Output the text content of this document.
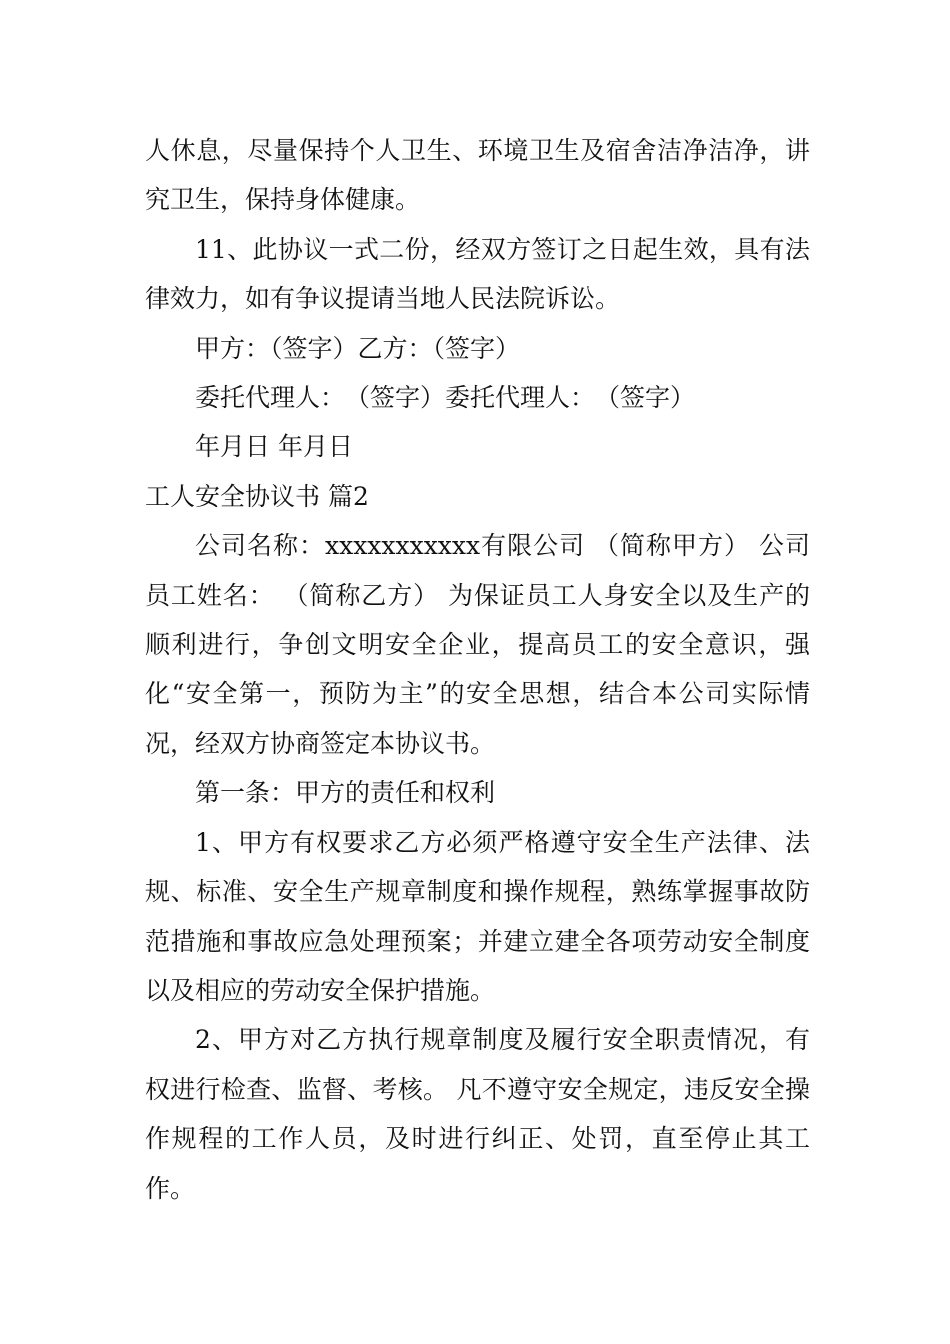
人休息，尽量保持个人卫生、环境卫生及宿舍洁净洁净，讲究卫生，保持身体健康。

11、此协议一式二份，经双方签订之日起生效，具有法律效力，如有争议提请当地人民法院诉讼。

甲方：（签字）乙方：（签字）

委托代理人：　（签字）委托代理人：　（签字）

年月日 年月日

工人安全协议书 篇2

公司名称：xxxxxxxxxxx有限公司 （简称甲方） 公司员工姓名： （简称乙方） 为保证员工人身安全以及生产的顺利进行，争创文明安全企业，提高员工的安全意识，强化“安全第一，预防为主”的安全思想，结合本公司实际情况，经双方协商签定本协议书。

第一条：甲方的责任和权利

1、甲方有权要求乙方必须严格遵守安全生产法律、法规、标准、安全生产规章制度和操作规程，熟练掌握事故防范措施和事故应急处理预案；并建立建全各项劳动安全制度以及相应的劳动安全保护措施。

2、甲方对乙方执行规章制度及履行安全职责情况，有权进行检查、监督、考核。 凡不遵守安全规定，违反安全操作规程的工作人员，及时进行纠正、处罚，直至停止其工作。
